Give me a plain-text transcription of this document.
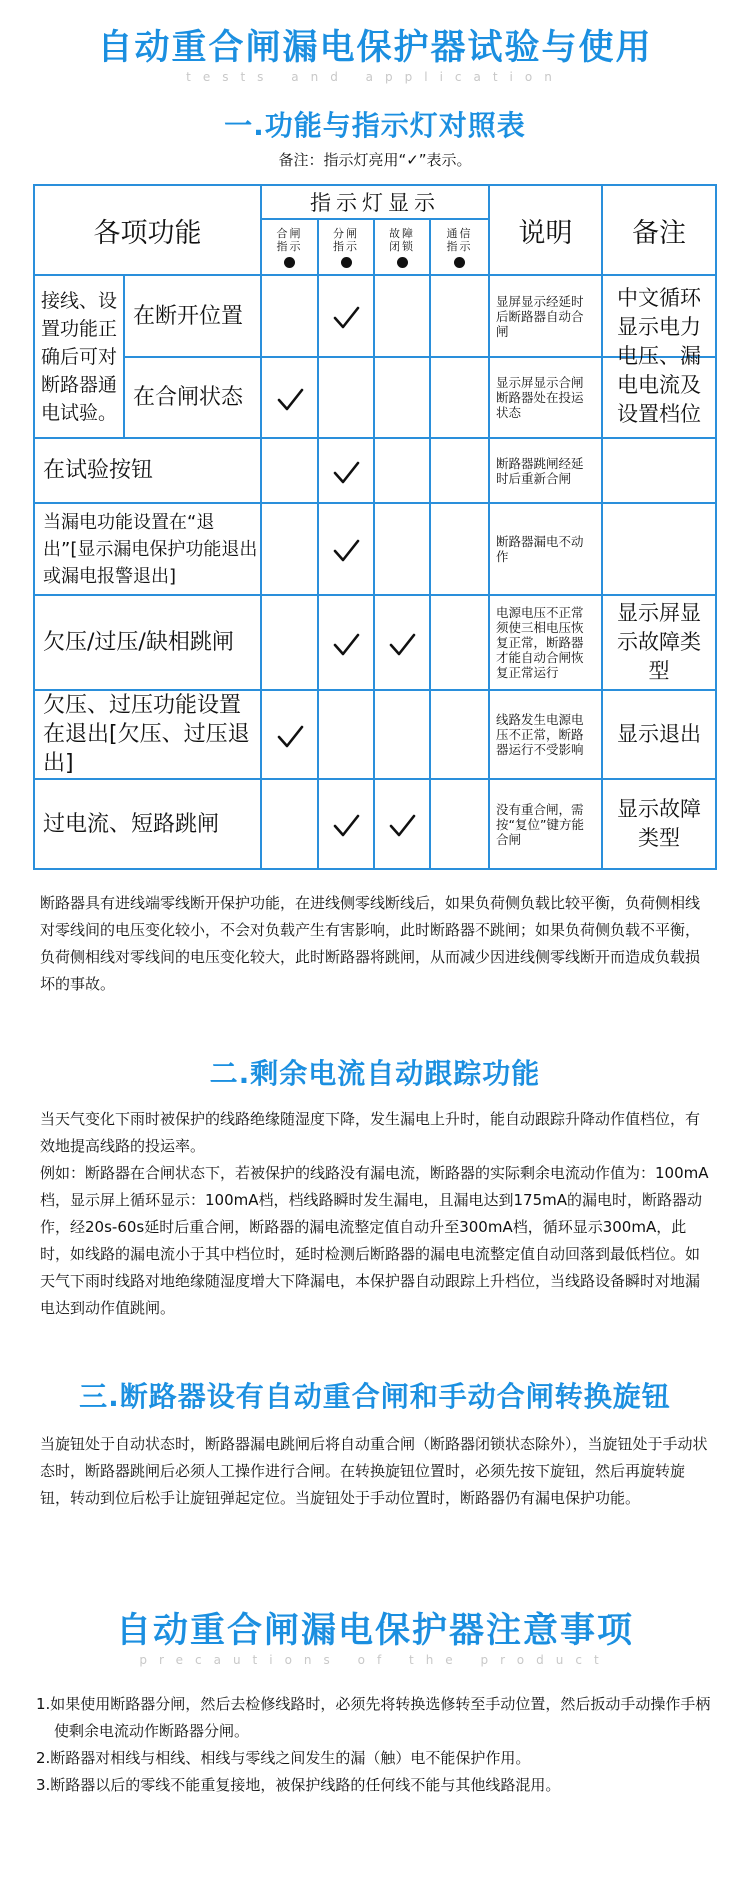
自动重合闸漏电保护器试验与使用
tests and application
一.功能与指示灯对照表
备注：指示灯亮用“✓”表示。
各项功能
指示灯显示
说明	备注
合闸指示
分闸指示
故障闭锁
通信指示
接线、设置功能正确后可对断路器通电试验。
在断开位置
显屏显示经延时后断路器自动合闸
中文循环显示电力电压、漏电电流及设置档位
在合闸状态
显示屏显示合闸断路器处在投运状态
在试验按钮	断路器跳闸经延时后重新合闸
当漏电功能设置在“退出”[显示漏电保护功能退出或漏电报警退出]
断路器漏电不动作
欠压/过压/缺相跳闸
电源电压不正常须使三相电压恢复正常，断路器才能自动合闸恢复正常运行
显示屏显示故障类型
欠压、过压功能设置在退出[欠压、过压退出]
线路发生电源电压不正常，断路器运行不受影响
显示退出
过电流、短路跳闸
没有重合闸，需按“复位”键方能合闸
显示故障类型

断路器具有进线端零线断开保护功能，在进线侧零线断线后，如果负荷侧负载比较平衡，负荷侧相线对零线间的电压变化较小，不会对负载产生有害影响，此时断路器不跳闸；如果负荷侧负载不平衡，负荷侧相线对零线间的电压变化较大，此时断路器将跳闸，从而减少因进线侧零线断开而造成负载损坏的事故。

二.剩余电流自动跟踪功能

当天气变化下雨时被保护的线路绝缘随湿度下降，发生漏电上升时，能自动跟踪升降动作值档位，有效地提高线路的投运率。

例如：断路器在合闸状态下，若被保护的线路没有漏电流，断路器的实际剩余电流动作值为：100mA档，显示屏上循环显示：100mA档，档线路瞬时发生漏电，且漏电达到175mA的漏电时，断路器动作，经20s-60s延时后重合闸，断路器的漏电流整定值自动升至300mA档，循环显示300mA，此时，如线路的漏电流小于其中档位时，延时检测后断路器的漏电电流整定值自动回落到最低档位。如天气下雨时线路对地绝缘随湿度增大下降漏电，本保护器自动跟踪上升档位，当线路设备瞬时对地漏电达到动作值跳闸。

三.断路器设有自动重合闸和手动合闸转换旋钮

当旋钮处于自动状态时，断路器漏电跳闸后将自动重合闸（断路器闭锁状态除外），当旋钮处于手动状态时，断路器跳闸后必须人工操作进行合闸。在转换旋钮位置时，必须先按下旋钮，然后再旋转旋钮，转动到位后松手让旋钮弹起定位。当旋钮处于手动位置时，断路器仍有漏电保护功能。

自动重合闸漏电保护器注意事项
precautions of the product

1.如果使用断路器分闸，然后去检修线路时，必须先将转换选修转至手动位置，然后扳动手动操作手柄使剩余电流动作断路器分闸。

2.断路器对相线与相线、相线与零线之间发生的漏（触）电不能保护作用。

3.断路器以后的零线不能重复接地，被保护线路的任何线不能与其他线路混用。
